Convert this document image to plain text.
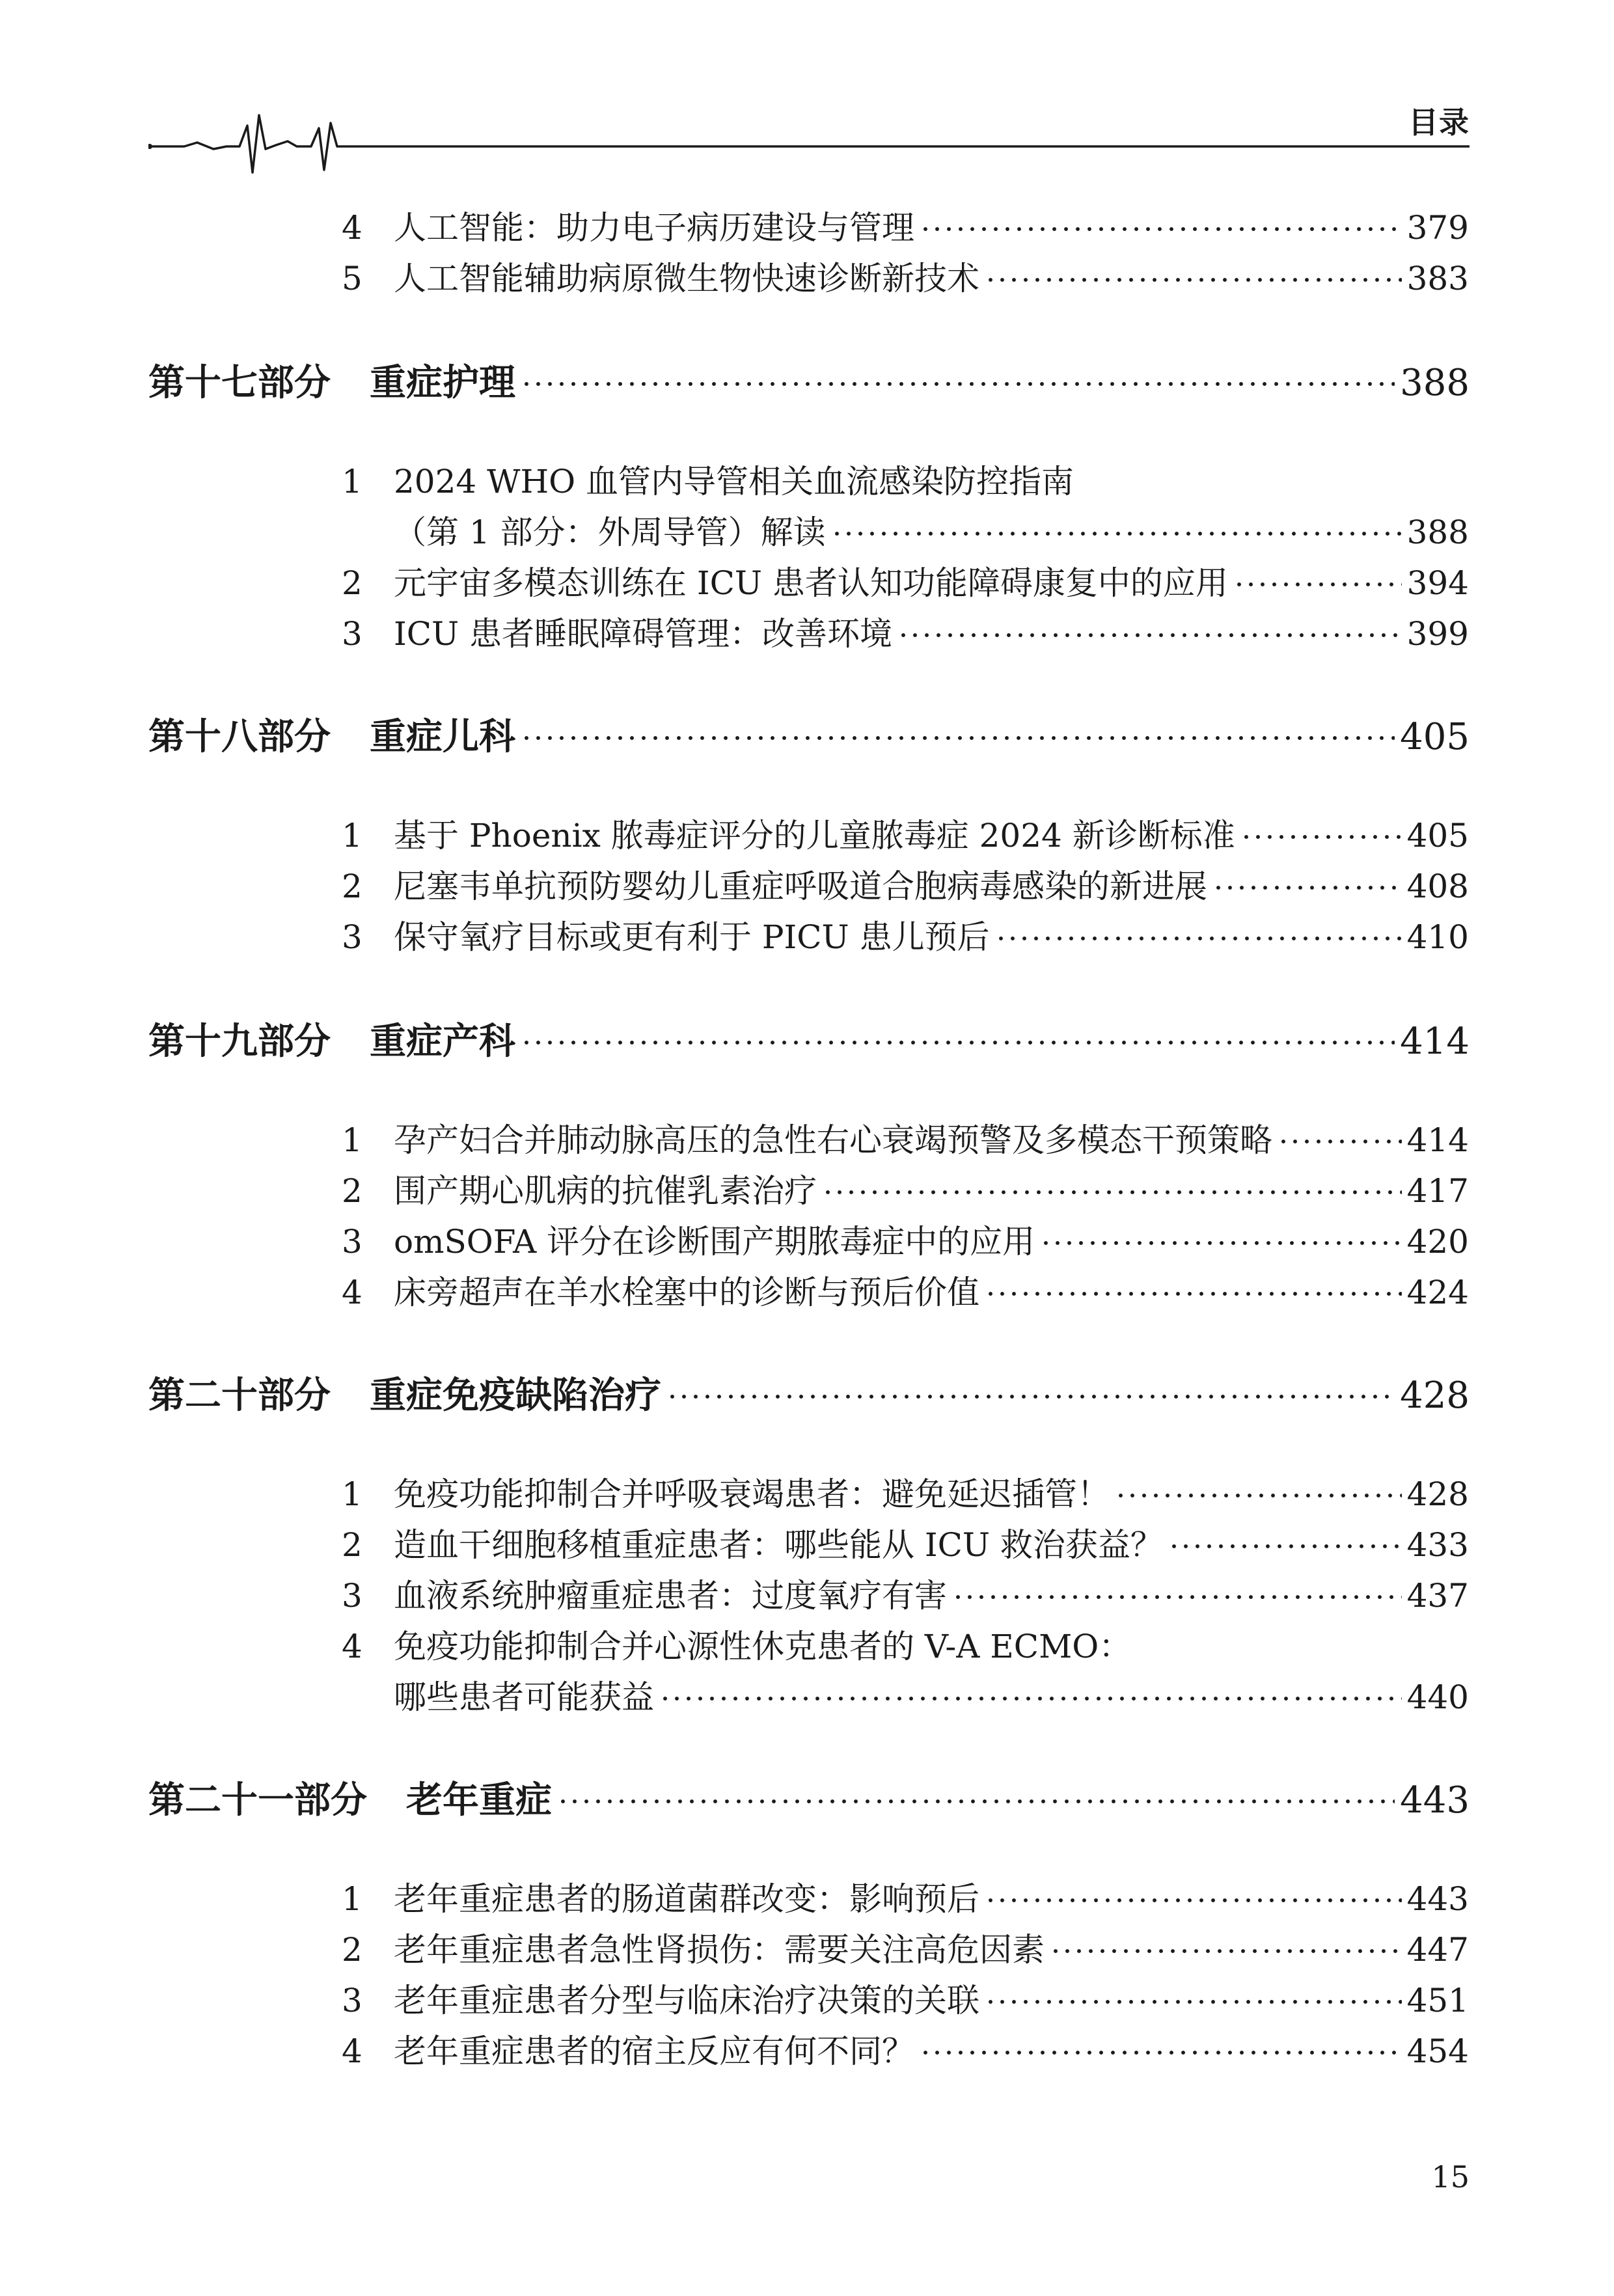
目录
4 人工智能：助力电子病历建设与管理	379
5 人工智能辅助病原微生物快速诊断新技术	383
第十七部分 重症护理	388
1 2024 WHO 血管内导管相关血流感染防控指南
（第 1 部分：外周导管）解读	388
2 元宇宙多模态训练在 ICU 患者认知功能障碍康复中的应用	394
3 ICU 患者睡眠障碍管理：改善环境	399
第十八部分 重症儿科	405
1 基于 Phoenix 脓毒症评分的儿童脓毒症 2024 新诊断标准	405
2 尼塞韦单抗预防婴幼儿重症呼吸道合胞病毒感染的新进展	408
3 保守氧疗目标或更有利于 PICU 患儿预后	410
第十九部分 重症产科	414
1 孕产妇合并肺动脉高压的急性右心衰竭预警及多模态干预策略	414
2 围产期心肌病的抗催乳素治疗	417
3 omSOFA 评分在诊断围产期脓毒症中的应用	420
4 床旁超声在羊水栓塞中的诊断与预后价值	424
第二十部分 重症免疫缺陷治疗	428
1 免疫功能抑制合并呼吸衰竭患者：避免延迟插管！	428
2 造血干细胞移植重症患者：哪些能从 ICU 救治获益？	433
3 血液系统肿瘤重症患者：过度氧疗有害	437
4 免疫功能抑制合并心源性休克患者的 V-A ECMO：
哪些患者可能获益	440
第二十一部分 老年重症	443
1 老年重症患者的肠道菌群改变：影响预后	443
2 老年重症患者急性肾损伤：需要关注高危因素	447
3 老年重症患者分型与临床治疗决策的关联	451
4 老年重症患者的宿主反应有何不同？	454
15
